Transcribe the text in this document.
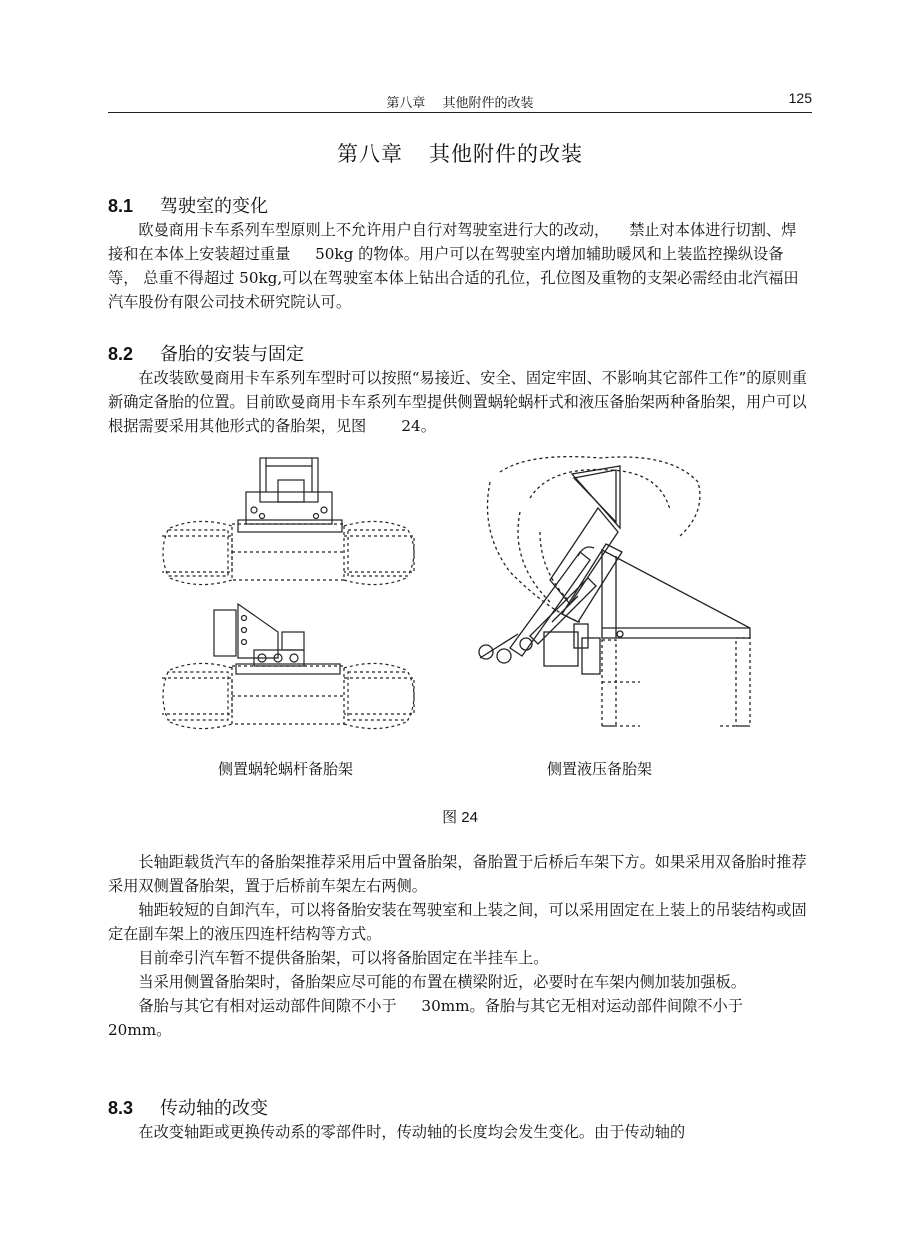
第八章 　其他附件的改装	125
第八章 其他附件的改装
8.1 驾驶室的变化

欧曼商用卡车系列车型原则上不允许用户自行对驾驶室进行大的改动， 　禁止对本体进行切割、焊接和在本体上安装超过重量 　 50kg 的物体。用户可以在驾驶室内增加辅助暖风和上装监控操纵设备等， 总重不得超过 50kg,可以在驾驶室本体上钻出合适的孔位，孔位图及重物的支架必需经由北汽福田汽车股份有限公司技术研究院认可。

8.2 备胎的安装与固定

在改装欧曼商用卡车系列车型时可以按照“易接近、安全、固定牢固、不影响其它部件工作”的原则重新确定备胎的位置。目前欧曼商用卡车系列车型提供侧置蜗轮蜗杆式和液压备胎架两种备胎架，用户可以根据需要采用其他形式的备胎架，见图 　　24。

侧置蜗轮蜗杆备胎架	侧置液压备胎架
图 24

长轴距载货汽车的备胎架推荐采用后中置备胎架，备胎置于后桥后车架下方。如果采用双备胎时推荐采用双侧置备胎架，置于后桥前车架左右两侧。

轴距较短的自卸汽车，可以将备胎安装在驾驶室和上装之间，可以采用固定在上装上的吊装结构或固定在副车架上的液压四连杆结构等方式。

目前牵引汽车暂不提供备胎架，可以将备胎固定在半挂车上。

当采用侧置备胎架时，备胎架应尽可能的布置在横梁附近，必要时在车架内侧加装加强板。

备胎与其它有相对运动部件间隙不小于 　 30mm。备胎与其它无相对运动部件间隙不小于 20mm。

8.3 传动轴的改变

在改变轴距或更换传动系的零部件时，传动轴的长度均会发生变化。由于传动轴的
